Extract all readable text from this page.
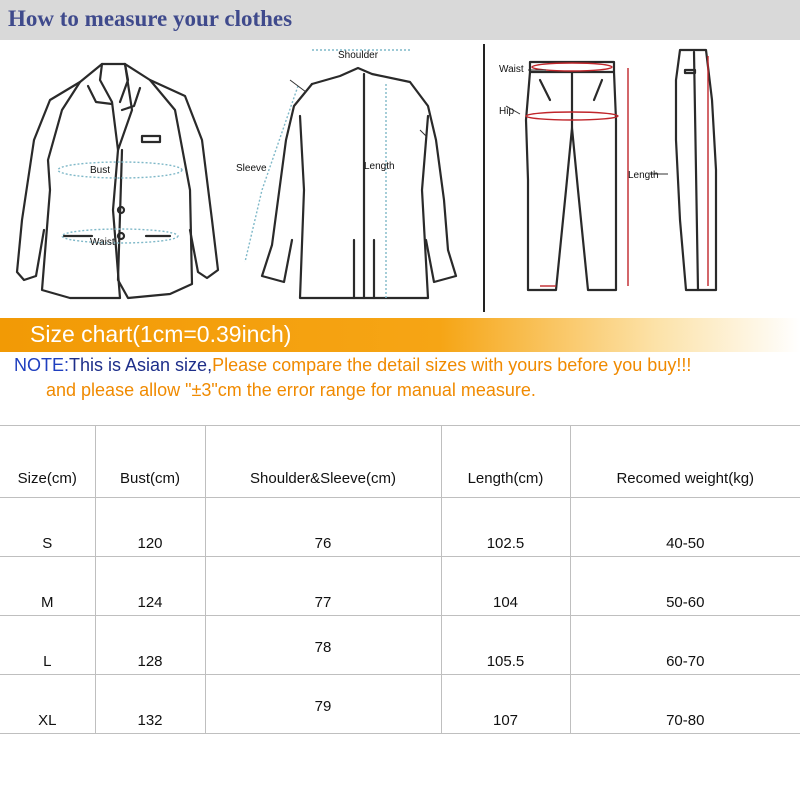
How to measure your clothes
Bust
Waist
Shoulder
Sleeve	Length
Waist
Hip
Length
Size chart(1cm=0.39inch)
NOTE:This is Asian size,Please compare the detail sizes with yours before you buy!!!
and please allow "±3"cm the error range for manual measure.
Size(cm)	Bust(cm)	Shoulder&Sleeve(cm)	Length(cm)	Recomed weight(kg)
S	120	76	102.5	40-50
M	124	77	104	50-60
L	128	78	105.5	60-70
XL	132	79	107	70-80
